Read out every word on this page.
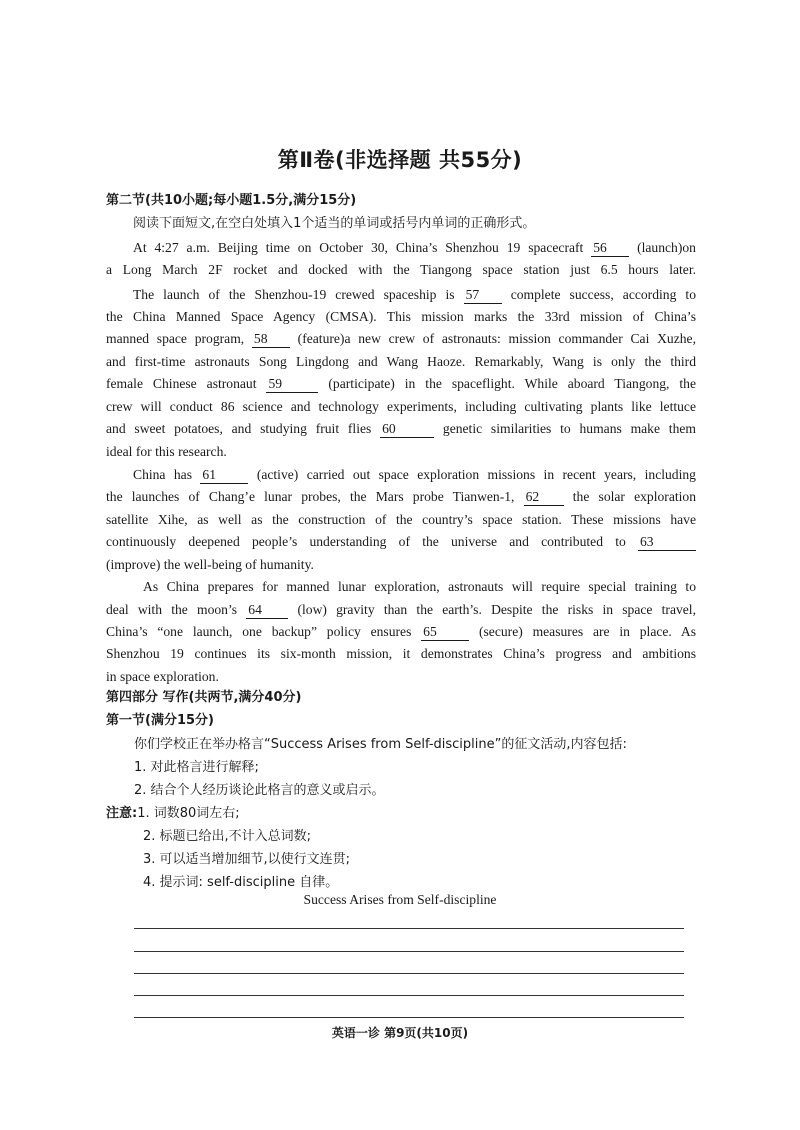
第Ⅱ卷(非选择题 共55分)
第二节(共10小题;每小题1.5分,满分15分)
阅读下面短文,在空白处填入1个适当的单词或括号内单词的正确形式。
At 4:27 a.m. Beijing time on October 30, China’s Shenzhou 19 spacecraft 56 (launch)on
a Long March 2F rocket and docked with the Tiangong space station just 6.5 hours later.
The launch of the Shenzhou-19 crewed spaceship is 57 complete success, according to
the China Manned Space Agency (CMSA). This mission marks the 33rd mission of China’s
manned space program, 58 (feature)a new crew of astronauts: mission commander Cai Xuzhe,
and first-time astronauts Song Lingdong and Wang Haoze. Remarkably, Wang is only the third
female Chinese astronaut 59	(participate) in the spaceflight. While aboard Tiangong, the
crew will conduct 86 science and technology experiments, including cultivating plants like lettuce
and sweet potatoes, and studying fruit flies 60	genetic similarities to humans make them
ideal for this research.
China has 61	(active) carried out space exploration missions in recent years, including
the launches of Chang’e lunar probes, the Mars probe Tianwen-1, 62 the solar exploration
satellite Xihe, as well as the construction of the country’s space station. These missions have
continuously deepened people’s understanding of the universe and contributed to 63
(improve) the well-being of humanity.
As China prepares for manned lunar exploration, astronauts will require special training to
deal with the moon’s 64	(low) gravity than the earth’s. Despite the risks in space travel,
China’s “one launch, one backup” policy ensures 65	(secure) measures are in place. As
Shenzhou 19 continues its six-month mission, it demonstrates China’s progress and ambitions
in space exploration.
第四部分 写作(共两节,满分40分)
第一节(满分15分)
你们学校正在举办格言“Success Arises from Self-discipline”的征文活动,内容包括:
1. 对此格言进行解释;
2. 结合个人经历谈论此格言的意义或启示。
注意:1. 词数80词左右;
2. 标题已给出,不计入总词数;
3. 可以适当增加细节,以使行文连贯;
4. 提示词: self-discipline 自律。
Success Arises from Self-discipline
英语一诊 第9页(共10页)
